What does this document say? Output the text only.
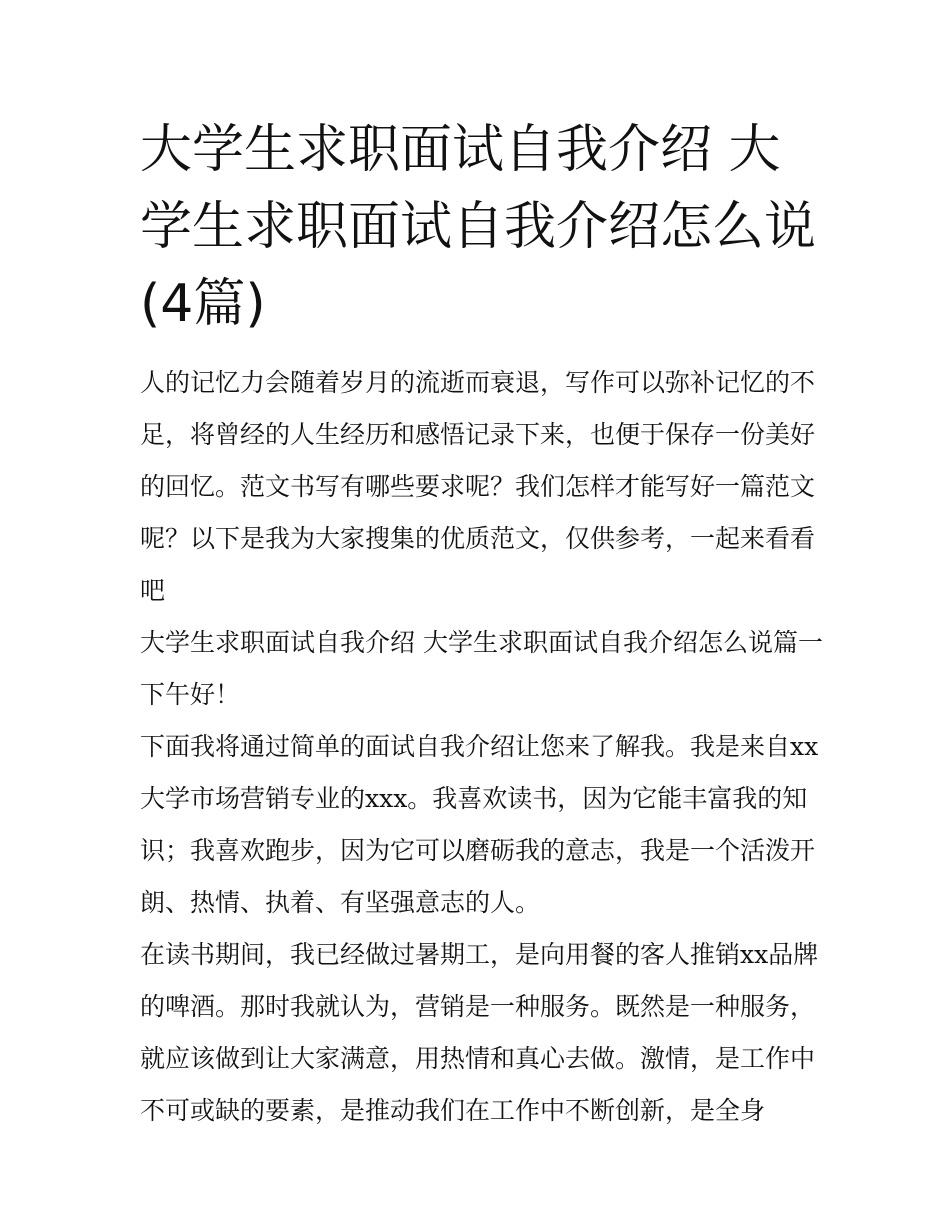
大学生求职面试自我介绍 大学生求职面试自我介绍怎么说(4篇)

人的记忆力会随着岁月的流逝而衰退，写作可以弥补记忆的不足，将曾经的人生经历和感悟记录下来，也便于保存一份美好的回忆。范文书写有哪些要求呢？我们怎样才能写好一篇范文呢？以下是我为大家搜集的优质范文，仅供参考，一起来看看吧

大学生求职面试自我介绍 大学生求职面试自我介绍怎么说篇一 下午好！

下面我将通过简单的面试自我介绍让您来了解我。我是来自xx大学市场营销专业的xxx。我喜欢读书，因为它能丰富我的知识；我喜欢跑步，因为它可以磨砺我的意志，我是一个活泼开朗、热情、执着、有坚强意志的人。

在读书期间，我已经做过暑期工，是向用餐的客人推销xx品牌的啤酒。那时我就认为，营销是一种服务。既然是一种服务，就应该做到让大家满意，用热情和真心去做。激情，是工作中不可或缺的要素，是推动我们在工作中不断创新，是全身
